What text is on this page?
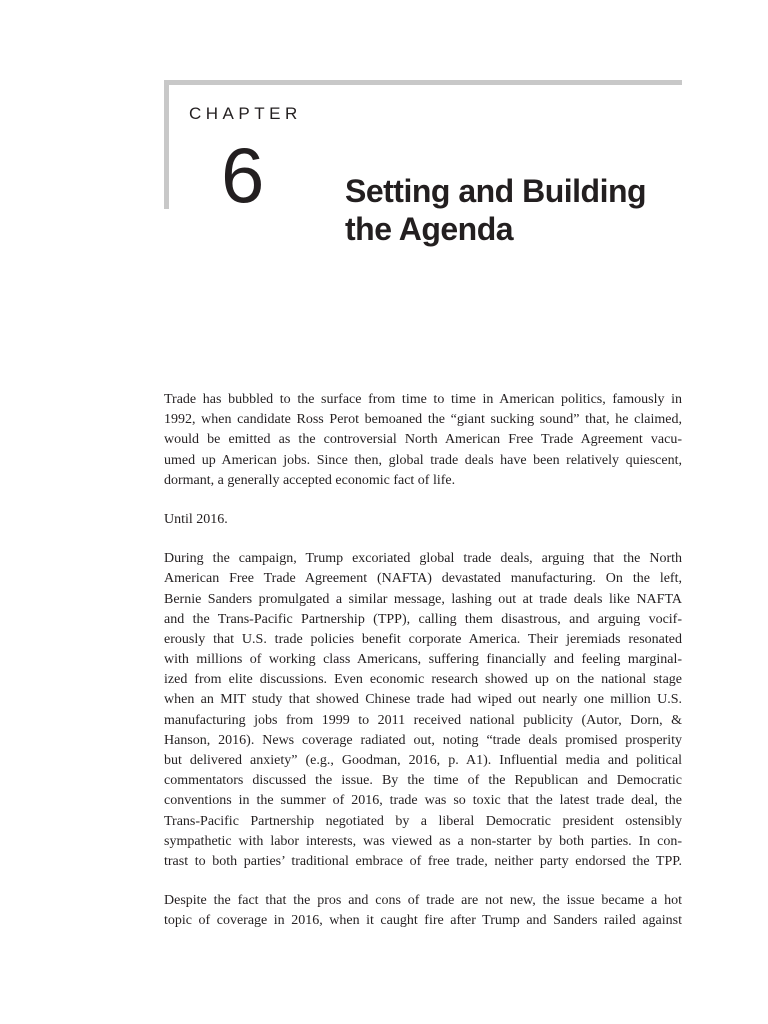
CHAPTER
6	Setting and Building
the Agenda

Trade has bubbled to the surface from time to time in American politics, famously in
1992, when candidate Ross Perot bemoaned the “giant sucking sound” that, he claimed,
would be emitted as the controversial North American Free Trade Agreement vacu-
umed up American jobs. Since then, global trade deals have been relatively quiescent,
dormant, a generally accepted economic fact of life.

Until 2016.

During the campaign, Trump excoriated global trade deals, arguing that the North
American Free Trade Agreement (NAFTA) devastated manufacturing. On the left,
Bernie Sanders promulgated a similar message, lashing out at trade deals like NAFTA
and the Trans-Pacific Partnership (TPP), calling them disastrous, and arguing vocif-
erously that U.S. trade policies benefit corporate America. Their jeremiads resonated
with millions of working class Americans, suffering financially and feeling marginal-
ized from elite discussions. Even economic research showed up on the national stage
when an MIT study that showed Chinese trade had wiped out nearly one million U.S.
manufacturing jobs from 1999 to 2011 received national publicity (Autor, Dorn, &
Hanson, 2016). News coverage radiated out, noting “trade deals promised prosperity
but delivered anxiety” (e.g., Goodman, 2016, p. A1). Influential media and political
commentators discussed the issue. By the time of the Republican and Democratic
conventions in the summer of 2016, trade was so toxic that the latest trade deal, the
Trans-Pacific Partnership negotiated by a liberal Democratic president ostensibly
sympathetic with labor interests, was viewed as a non-starter by both parties. In con-
trast to both parties’ traditional embrace of free trade, neither party endorsed the TPP.

Despite the fact that the pros and cons of trade are not new, the issue became a hot
topic of coverage in 2016, when it caught fire after Trump and Sanders railed against
